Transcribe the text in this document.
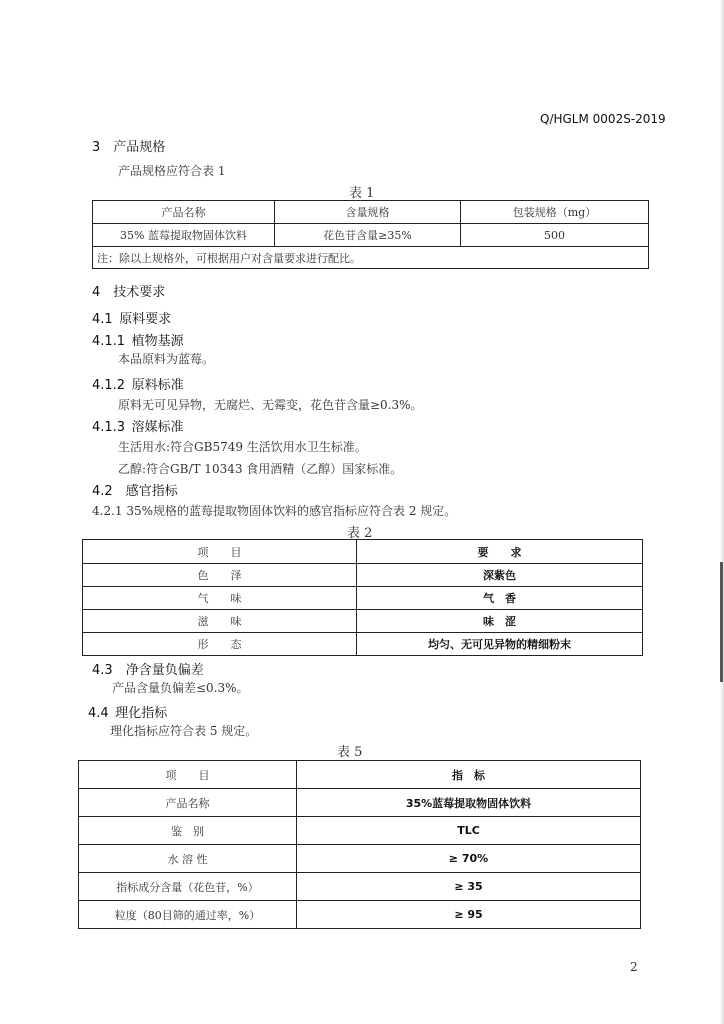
Q/HGLM 0002S-2019
3  产品规格
产品规格应符合表 1
表 1
产品名称	含量规格	包装规格（mg）
35% 蓝莓提取物固体饮料	花色苷含量≥35%	500
注：除以上规格外，可根据用户对含量要求进行配比。		
4  技术要求
4.1  原料要求
4.1.1  植物基源
本品原料为蓝莓。
4.1.2  原料标准
原料无可见异物，无腐烂、无霉变，花色苷含量≥0.3%。
4.1.3  溶媒标准
生活用水:符合GB5749 生活饮用水卫生标准。
乙醇:符合GB/T 10343 食用酒精（乙醇）国家标准。
4.2  感官指标
4.2.1 35%规格的蓝莓提取物固体饮料的感官指标应符合表 2 规定。
表 2
项　　目	要　　求
色　　泽	深紫色
气　　味	气　香
滋　　味	味　涩
形　　态	均匀、无可见异物的精细粉末
4.3  净含量负偏差
产品含量负偏差≤0.3%。
4.4  理化指标
理化指标应符合表 5 规定。
表 5
项　　目	指　标
产品名称	35%蓝莓提取物固体饮料
鉴　别	TLC
水 溶 性	≥ 70%
指标成分含量（花色苷，%）	≥ 35
粒度（80目筛的通过率，%）	≥ 95
2
